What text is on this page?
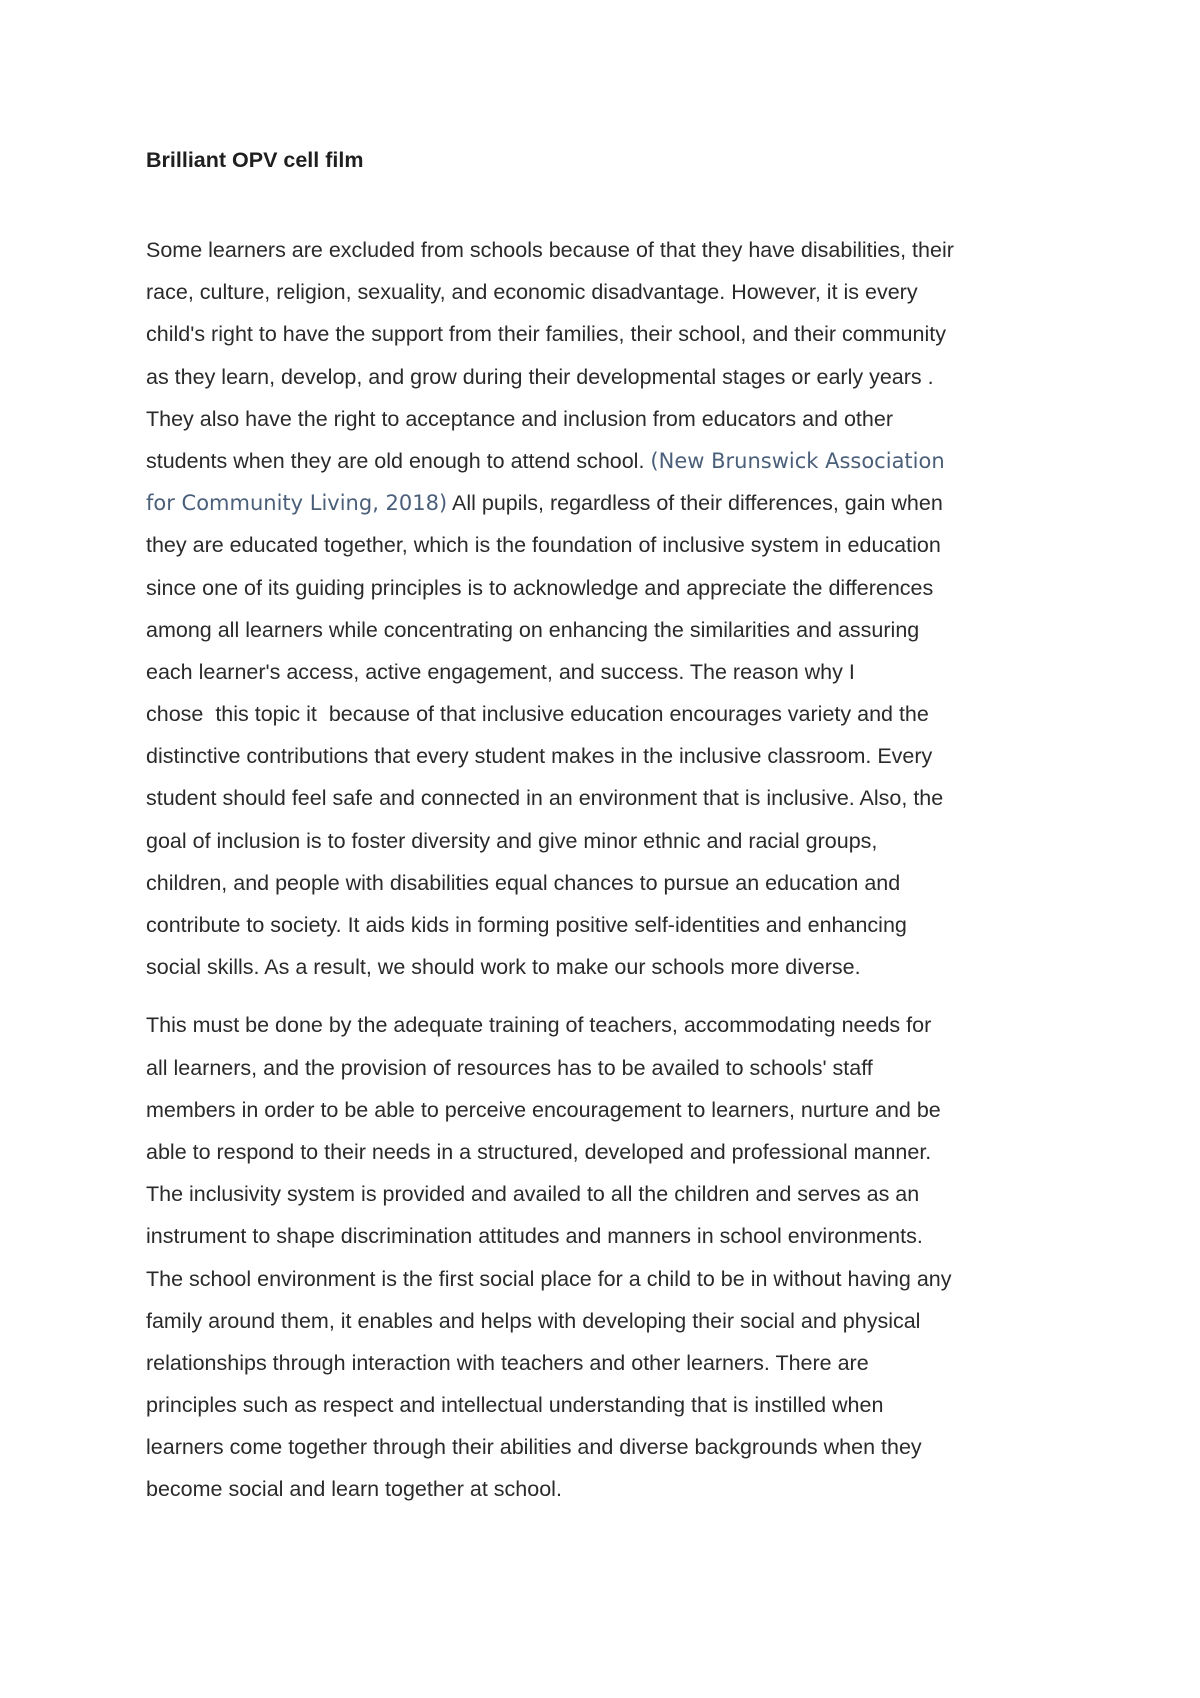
Brilliant OPV cell film
Some learners are excluded from schools because of that they have disabilities, their
race, culture, religion, sexuality, and economic disadvantage. However, it is every
child's right to have the support from their families, their school, and their community
as they learn, develop, and grow during their developmental stages or early years .
They also have the right to acceptance and inclusion from educators and other
students when they are old enough to attend school. (New Brunswick Association
for Community Living, 2018) All pupils, regardless of their differences, gain when
they are educated together, which is the foundation of inclusive system in education
since one of its guiding principles is to acknowledge and appreciate the differences
among all learners while concentrating on enhancing the similarities and assuring
each learner's access, active engagement, and success. The reason why I
chose  this topic it  because of that inclusive education encourages variety and the
distinctive contributions that every student makes in the inclusive classroom. Every
student should feel safe and connected in an environment that is inclusive. Also, the
goal of inclusion is to foster diversity and give minor ethnic and racial groups,
children, and people with disabilities equal chances to pursue an education and
contribute to society. It aids kids in forming positive self-identities and enhancing
social skills. As a result, we should work to make our schools more diverse.
This must be done by the adequate training of teachers, accommodating needs for
all learners, and the provision of resources has to be availed to schools' staff
members in order to be able to perceive encouragement to learners, nurture and be
able to respond to their needs in a structured, developed and professional manner.
The inclusivity system is provided and availed to all the children and serves as an
instrument to shape discrimination attitudes and manners in school environments.
The school environment is the first social place for a child to be in without having any
family around them, it enables and helps with developing their social and physical
relationships through interaction with teachers and other learners. There are
principles such as respect and intellectual understanding that is instilled when
learners come together through their abilities and diverse backgrounds when they
become social and learn together at school.
